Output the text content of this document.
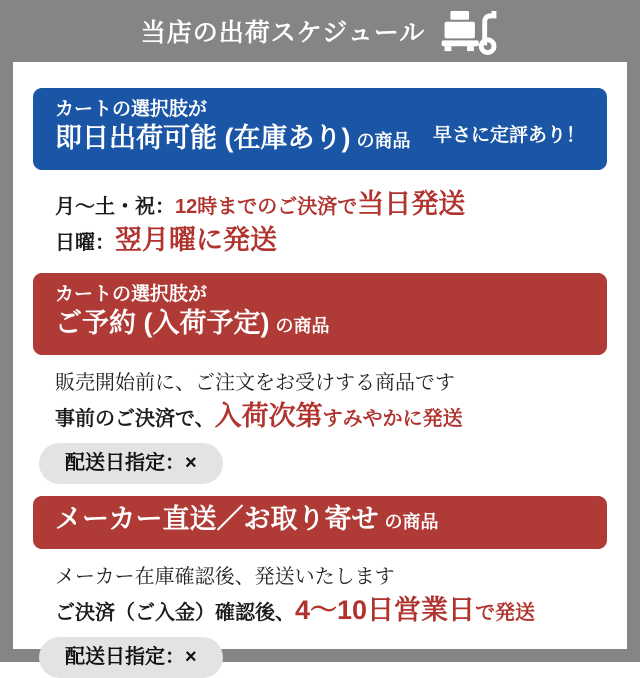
当店の出荷スケジュール
カートの選択肢が
即日出荷可能 (在庫あり) の商品 早さに定評あり！

月〜土・祝：12時までのご決済で当日発送

日曜：翌月曜に発送

カートの選択肢が
ご予約 (入荷予定) の商品

販売開始前に、ご注文をお受けする商品です

事前のご決済で、入荷次第すみやかに発送

配送日指定：×
メーカー直送／お取り寄せ の商品

メーカー在庫確認後、発送いたします

ご決済（ご入金）確認後、4〜10日営業日で発送

配送日指定：×
